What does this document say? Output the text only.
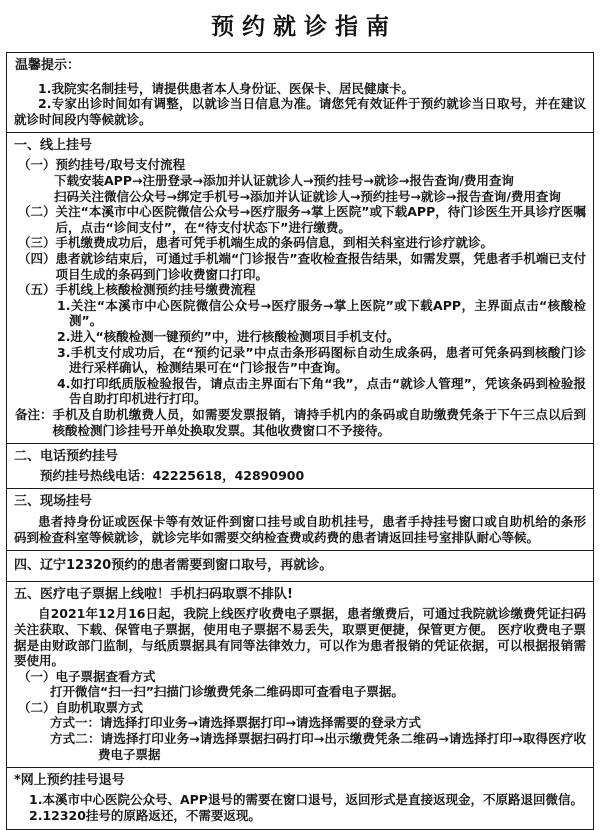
预约就诊指南
温馨提示：

1.我院实名制挂号，请提供患者本人身份证、医保卡、居民健康卡。

2.专家出诊时间如有调整，以就诊当日信息为准。请您凭有效证件于预约就诊当日取号，并在建议就诊时间段内等候就诊。

一、线上挂号
（一） 预约挂号/取号支付流程
下载安装APP→注册登录→添加并认证就诊人→预约挂号→就诊→报告查询/费用查询
扫码关注微信公众号→绑定手机号→添加并认证就诊人→预约挂号→就诊→报告查询/费用查询
（二） 关注“本溪市中心医院微信公众号→医疗服务→掌上医院”或下载APP，待门诊医生开具诊疗医嘱后，点击“诊间支付”，在“待支付状态下”进行缴费。
（三） 手机缴费成功后，患者可凭手机端生成的条码信息，到相关科室进行诊疗就诊。
（四） 患者就诊结束后，可通过手机端“门诊报告”查收检查报告结果，如需发票，凭患者手机端已支付项目生成的条码到门诊收费窗口打印。
（五） 手机线上核酸检测预约挂号缴费流程
1.关注“本溪市中心医院微信公众号→医疗服务→掌上医院”或下载APP，主界面点击“核酸检测”。
2.进入“核酸检测一键预约”中，进行核酸检测项目手机支付。
3.手机支付成功后，在“预约记录”中点击条形码图标自动生成条码，患者可凭条码到核酸门诊进行采样确认，检测结果可在“门诊报告”中查询。
4.如打印纸质版检验报告，请点击主界面右下角“我”，点击“就诊人管理”，凭该条码到检验报告自助打印机进行打印。
备注： 手机及自助机缴费人员，如需要发票报销，请持手机内的条码或自助缴费凭条于下午三点以后到核酸检测门诊挂号开单处换取发票。其他收费窗口不予接待。
二、电话预约挂号
预约挂号热线电话：42225618，42890900
三、现场挂号

患者持身份证或医保卡等有效证件到窗口挂号或自助机挂号，患者手持挂号窗口或自助机给的条形码到检查科室等候就诊，就诊完毕如需要交纳检查费或药费的患者请返回挂号室排队耐心等候。

四、辽宁12320预约的患者需要到窗口取号，再就诊。
五、医疗电子票据上线啦！手机扫码取票不排队!

自2021年12月16日起，我院上线医疗收费电子票据，患者缴费后，可通过我院就诊缴费凭证扫码关注获取、下载、保管电子票据，使用电子票据不易丢失，取票更便捷，保管更方便。 医疗收费电子票据是由财政部门监制，与纸质票据具有同等法律效力，可以作为患者报销的凭证依据，可以根据报销需要使用。

（一） 电子票据查看方式
打开微信“扫一扫”扫描门诊缴费凭条二维码即可查看电子票据。
（二） 自助机取票方式
方式一：请选择打印业务→请选择票据打印→请选择需要的登录方式
方式二：请选择打印业务→请选择票据扫码打印→出示缴费凭条二维码→请选择打印→取得医疗收费电子票据
*网上预约挂号退号
1.本溪市中心医院公众号、APP退号的需要在窗口退号，返回形式是直接返现金，不原路退回微信。
2.12320挂号的原路返还，不需要返现。
